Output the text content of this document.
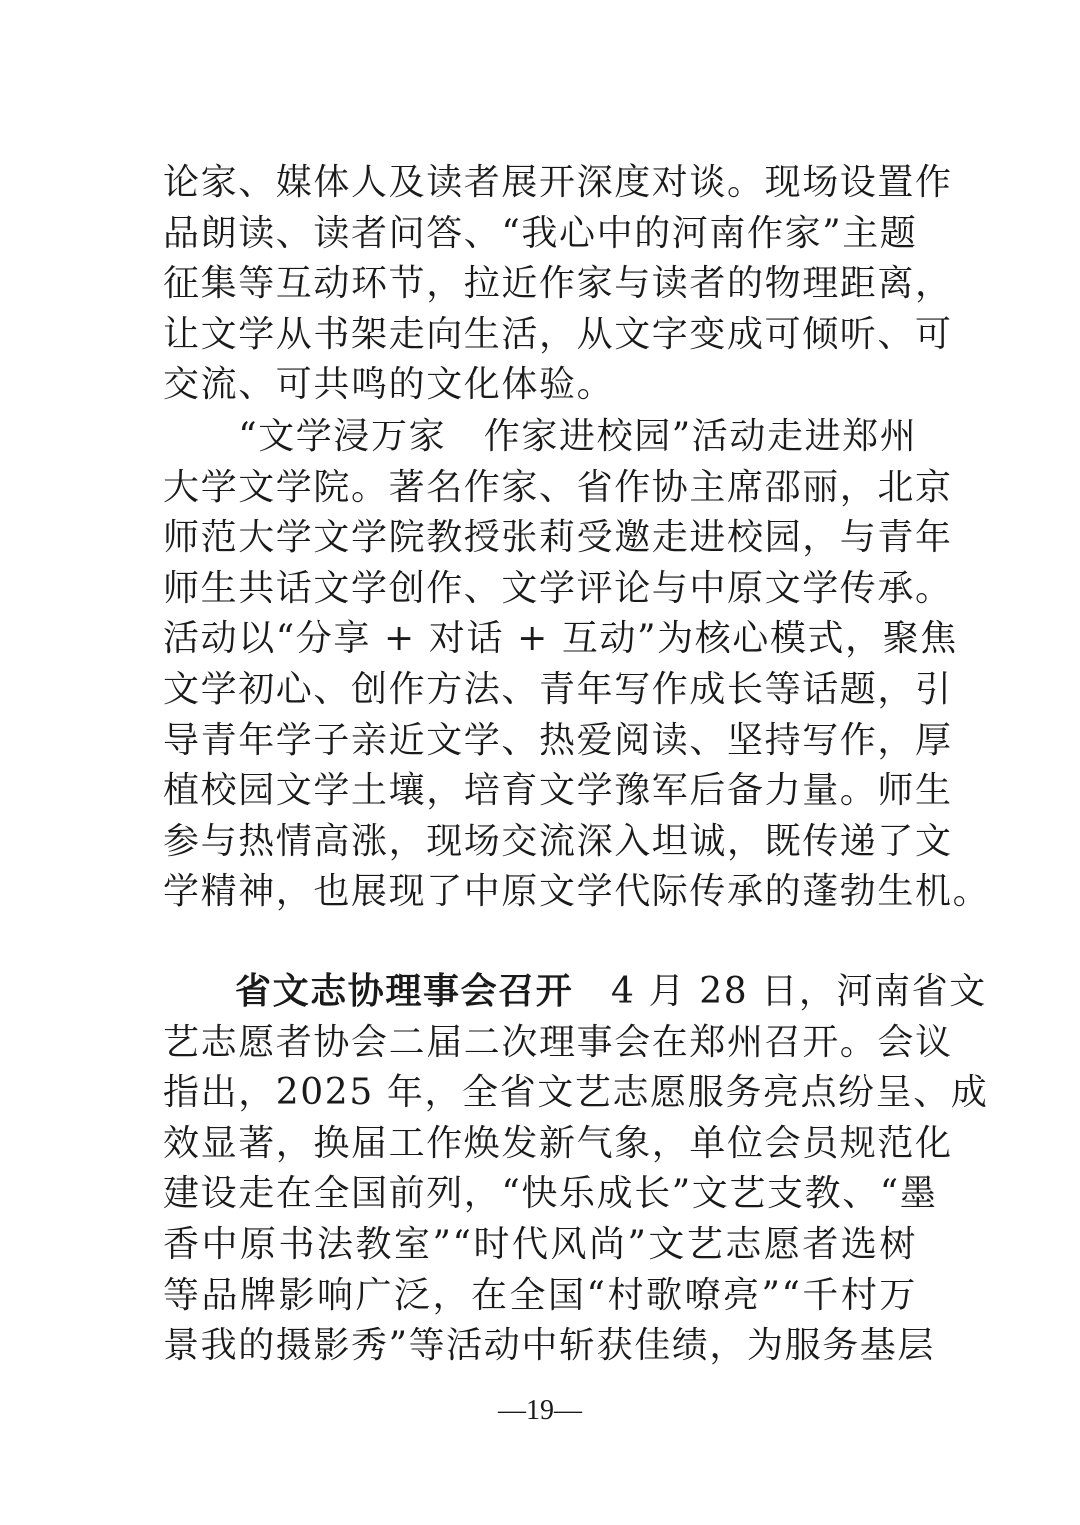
论家、媒体人及读者展开深度对谈。现场设置作
品朗读、读者问答、“我心中的河南作家”主题
征集等互动环节，拉近作家与读者的物理距离，
让文学从书架走向生活，从文字变成可倾听、可
交流、可共鸣的文化体验。
　　“文学浸万家　作家进校园”活动走进郑州
大学文学院。著名作家、省作协主席邵丽，北京
师范大学文学院教授张莉受邀走进校园，与青年
师生共话文学创作、文学评论与中原文学传承。
活动以“分享 + 对话 + 互动”为核心模式，聚焦
文学初心、创作方法、青年写作成长等话题，引
导青年学子亲近文学、热爱阅读、坚持写作，厚
植校园文学土壤，培育文学豫军后备力量。师生
参与热情高涨，现场交流深入坦诚，既传递了文
学精神，也展现了中原文学代际传承的蓬勃生机。
省文志协理事会召开　4 月 28 日，河南省文
艺志愿者协会二届二次理事会在郑州召开。会议
指出，2025 年，全省文艺志愿服务亮点纷呈、成
效显著，换届工作焕发新气象，单位会员规范化
建设走在全国前列，“快乐成长”文艺支教、“墨
香中原书法教室”“时代风尚”文艺志愿者选树
等品牌影响广泛，在全国“村歌嘹亮”“千村万
景我的摄影秀”等活动中斩获佳绩，为服务基层
—19—
